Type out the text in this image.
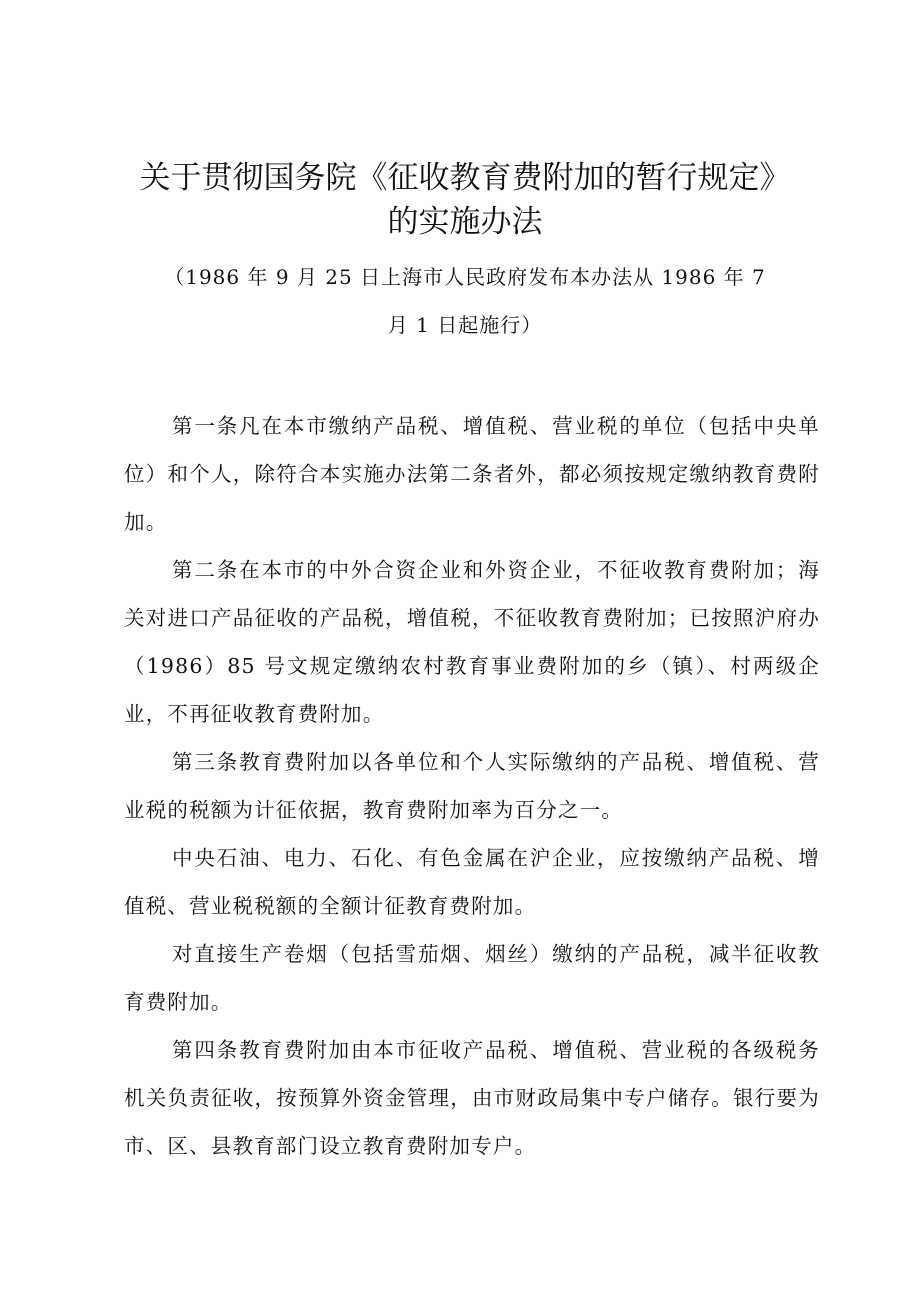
关于贯彻国务院《征收教育费附加的暂行规定》
的实施办法
（1986 年 9 月 25 日上海市人民政府发布本办法从 1986 年 7
月 1 日起施行）

第一条凡在本市缴纳产品税、增值税、营业税的单位（包括中央单位）和个人，除符合本实施办法第二条者外，都必须按规定缴纳教育费附加。

第二条在本市的中外合资企业和外资企业，不征收教育费附加；海关对进口产品征收的产品税，增值税，不征收教育费附加；已按照沪府办（1986）85 号文规定缴纳农村教育事业费附加的乡（镇）、村两级企业，不再征收教育费附加。

第三条教育费附加以各单位和个人实际缴纳的产品税、增值税、营业税的税额为计征依据，教育费附加率为百分之一。

中央石油、电力、石化、有色金属在沪企业，应按缴纳产品税、增值税、营业税税额的全额计征教育费附加。

对直接生产卷烟（包括雪茄烟、烟丝）缴纳的产品税，减半征收教育费附加。

第四条教育费附加由本市征收产品税、增值税、营业税的各级税务机关负责征收，按预算外资金管理，由市财政局集中专户储存。银行要为市、区、县教育部门设立教育费附加专户。
